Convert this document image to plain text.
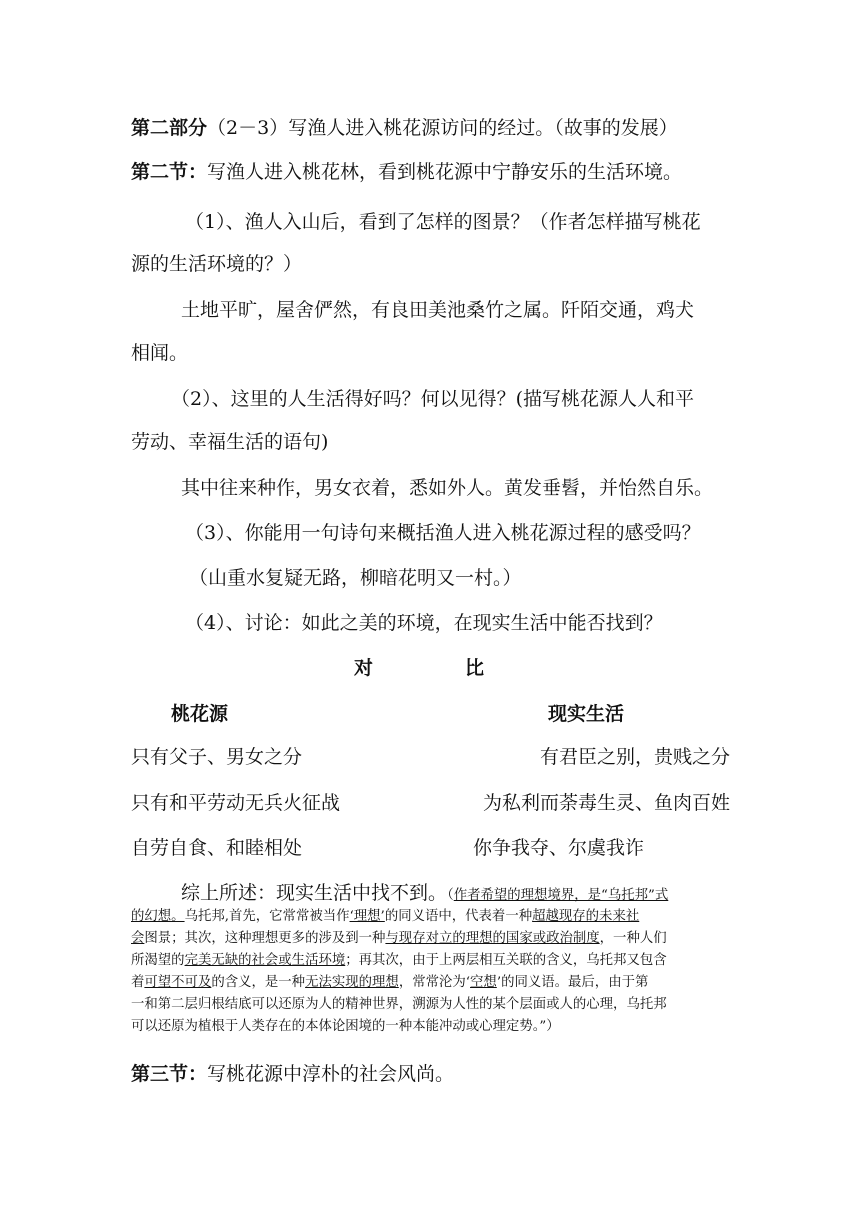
第二部分（2－3）写渔人进入桃花源访问的经过。（故事的发展）
第二节：写渔人进入桃花林，看到桃花源中宁静安乐的生活环境。
（1）、渔人入山后，看到了怎样的图景？（作者怎样描写桃花
源的生活环境的？）
土地平旷，屋舍俨然，有良田美池桑竹之属。阡陌交通，鸡犬
相闻。
（2）、这里的人生活得好吗？何以见得？(描写桃花源人人和平
劳动、幸福生活的语句)
其中往来种作，男女衣着，悉如外人。黄发垂髫，并怡然自乐。
（3）、你能用一句诗句来概括渔人进入桃花源过程的感受吗？
（山重水复疑无路，柳暗花明又一村。）
（4）、讨论：如此之美的环境，在现实生活中能否找到？
对	比
桃花源	现实生活
只有父子、男女之分	有君臣之别，贵贱之分
只有和平劳动无兵火征战	为私利而荼毒生灵、鱼肉百姓
自劳自食、和睦相处	你争我夺、尔虞我诈
综上所述：现实生活中找不到。（作者希望的理想境界，是“乌托邦”式
的幻想。乌托邦,首先，它常常被当作‘理想’的同义语中，代表着一种超越现存的未来社
会图景；其次，这种理想更多的涉及到一种与现存对立的理想的国家或政治制度，一种人们
所渴望的完美无缺的社会或生活环境；再其次，由于上两层相互关联的含义，乌托邦又包含
着可望不可及的含义，是一种无法实现的理想，常常沦为‘空想’的同义语。最后，由于第
一和第二层归根结底可以还原为人的精神世界，溯源为人性的某个层面或人的心理，乌托邦
可以还原为植根于人类存在的本体论困境的一种本能冲动或心理定势。”）
第三节：写桃花源中淳朴的社会风尚。
